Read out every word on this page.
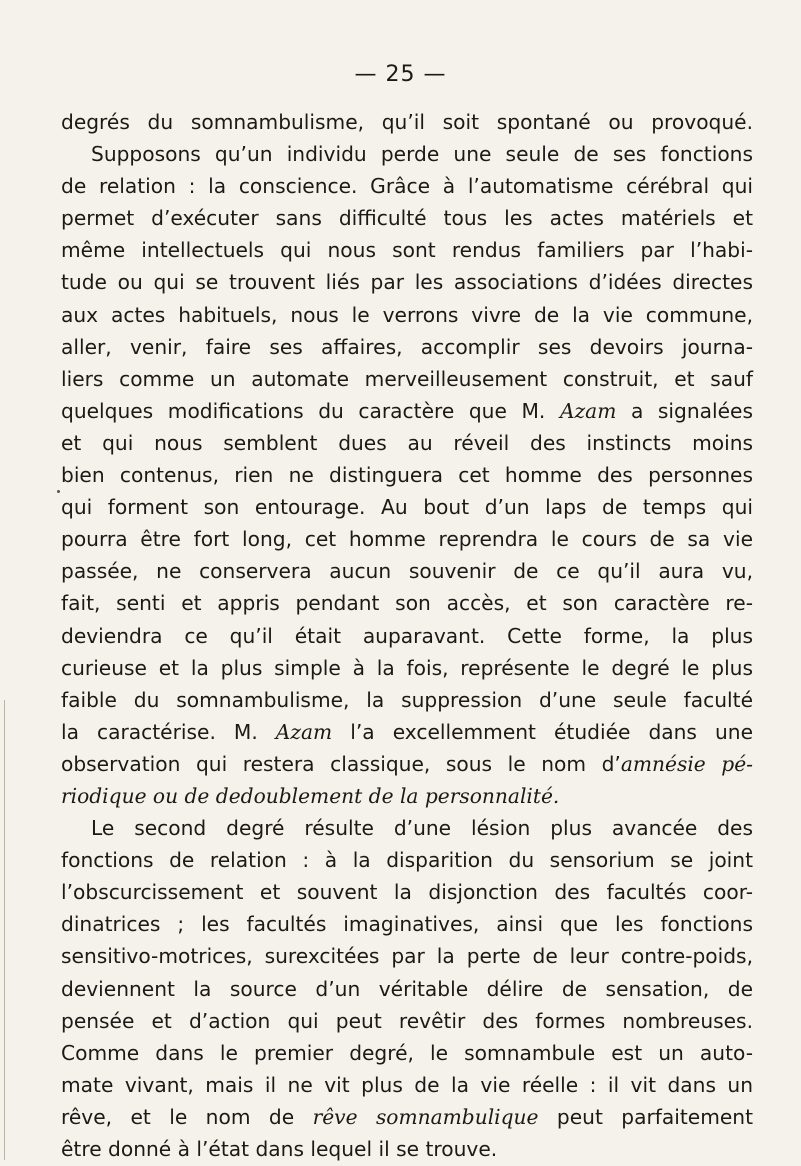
— 25 —
degrés du somnambulisme, qu’il soit spontané ou provoqué.
Supposons qu’un individu perde une seule de ses fonctions
de relation : la conscience. Grâce à l’automatisme cérébral qui
permet d’exécuter sans difficulté tous les actes matériels et
même intellectuels qui nous sont rendus familiers par l’habi-
tude ou qui se trouvent liés par les associations d’idées directes
aux actes habituels, nous le verrons vivre de la vie commune,
aller, venir, faire ses affaires, accomplir ses devoirs journa-
liers comme un automate merveilleusement construit, et sauf
quelques modifications du caractère que M. Azam a signalées
et qui nous semblent dues au réveil des instincts moins
bien contenus, rien ne distinguera cet homme des personnes
qui forment son entourage. Au bout d’un laps de temps qui
pourra être fort long, cet homme reprendra le cours de sa vie
passée, ne conservera aucun souvenir de ce qu’il aura vu,
fait, senti et appris pendant son accès, et son caractère re-
deviendra ce qu’il était auparavant. Cette forme, la plus
curieuse et la plus simple à la fois, représente le degré le plus
faible du somnambulisme, la suppression d’une seule faculté
la caractérise. M. Azam l’a excellemment étudiée dans une
observation qui restera classique, sous le nom d’amnésie pé-
riodique ou de dedoublement de la personnalité.
Le second degré résulte d’une lésion plus avancée des
fonctions de relation : à la disparition du sensorium se joint
l’obscurcissement et souvent la disjonction des facultés coor-
dinatrices ; les facultés imaginatives, ainsi que les fonctions
sensitivo-motrices, surexcitées par la perte de leur contre-poids,
deviennent la source d’un véritable délire de sensation, de
pensée et d’action qui peut revêtir des formes nombreuses.
Comme dans le premier degré, le somnambule est un auto-
mate vivant, mais il ne vit plus de la vie réelle : il vit dans un
rêve, et le nom de rêve somnambulique peut parfaitement
être donné à l’état dans lequel il se trouve.
